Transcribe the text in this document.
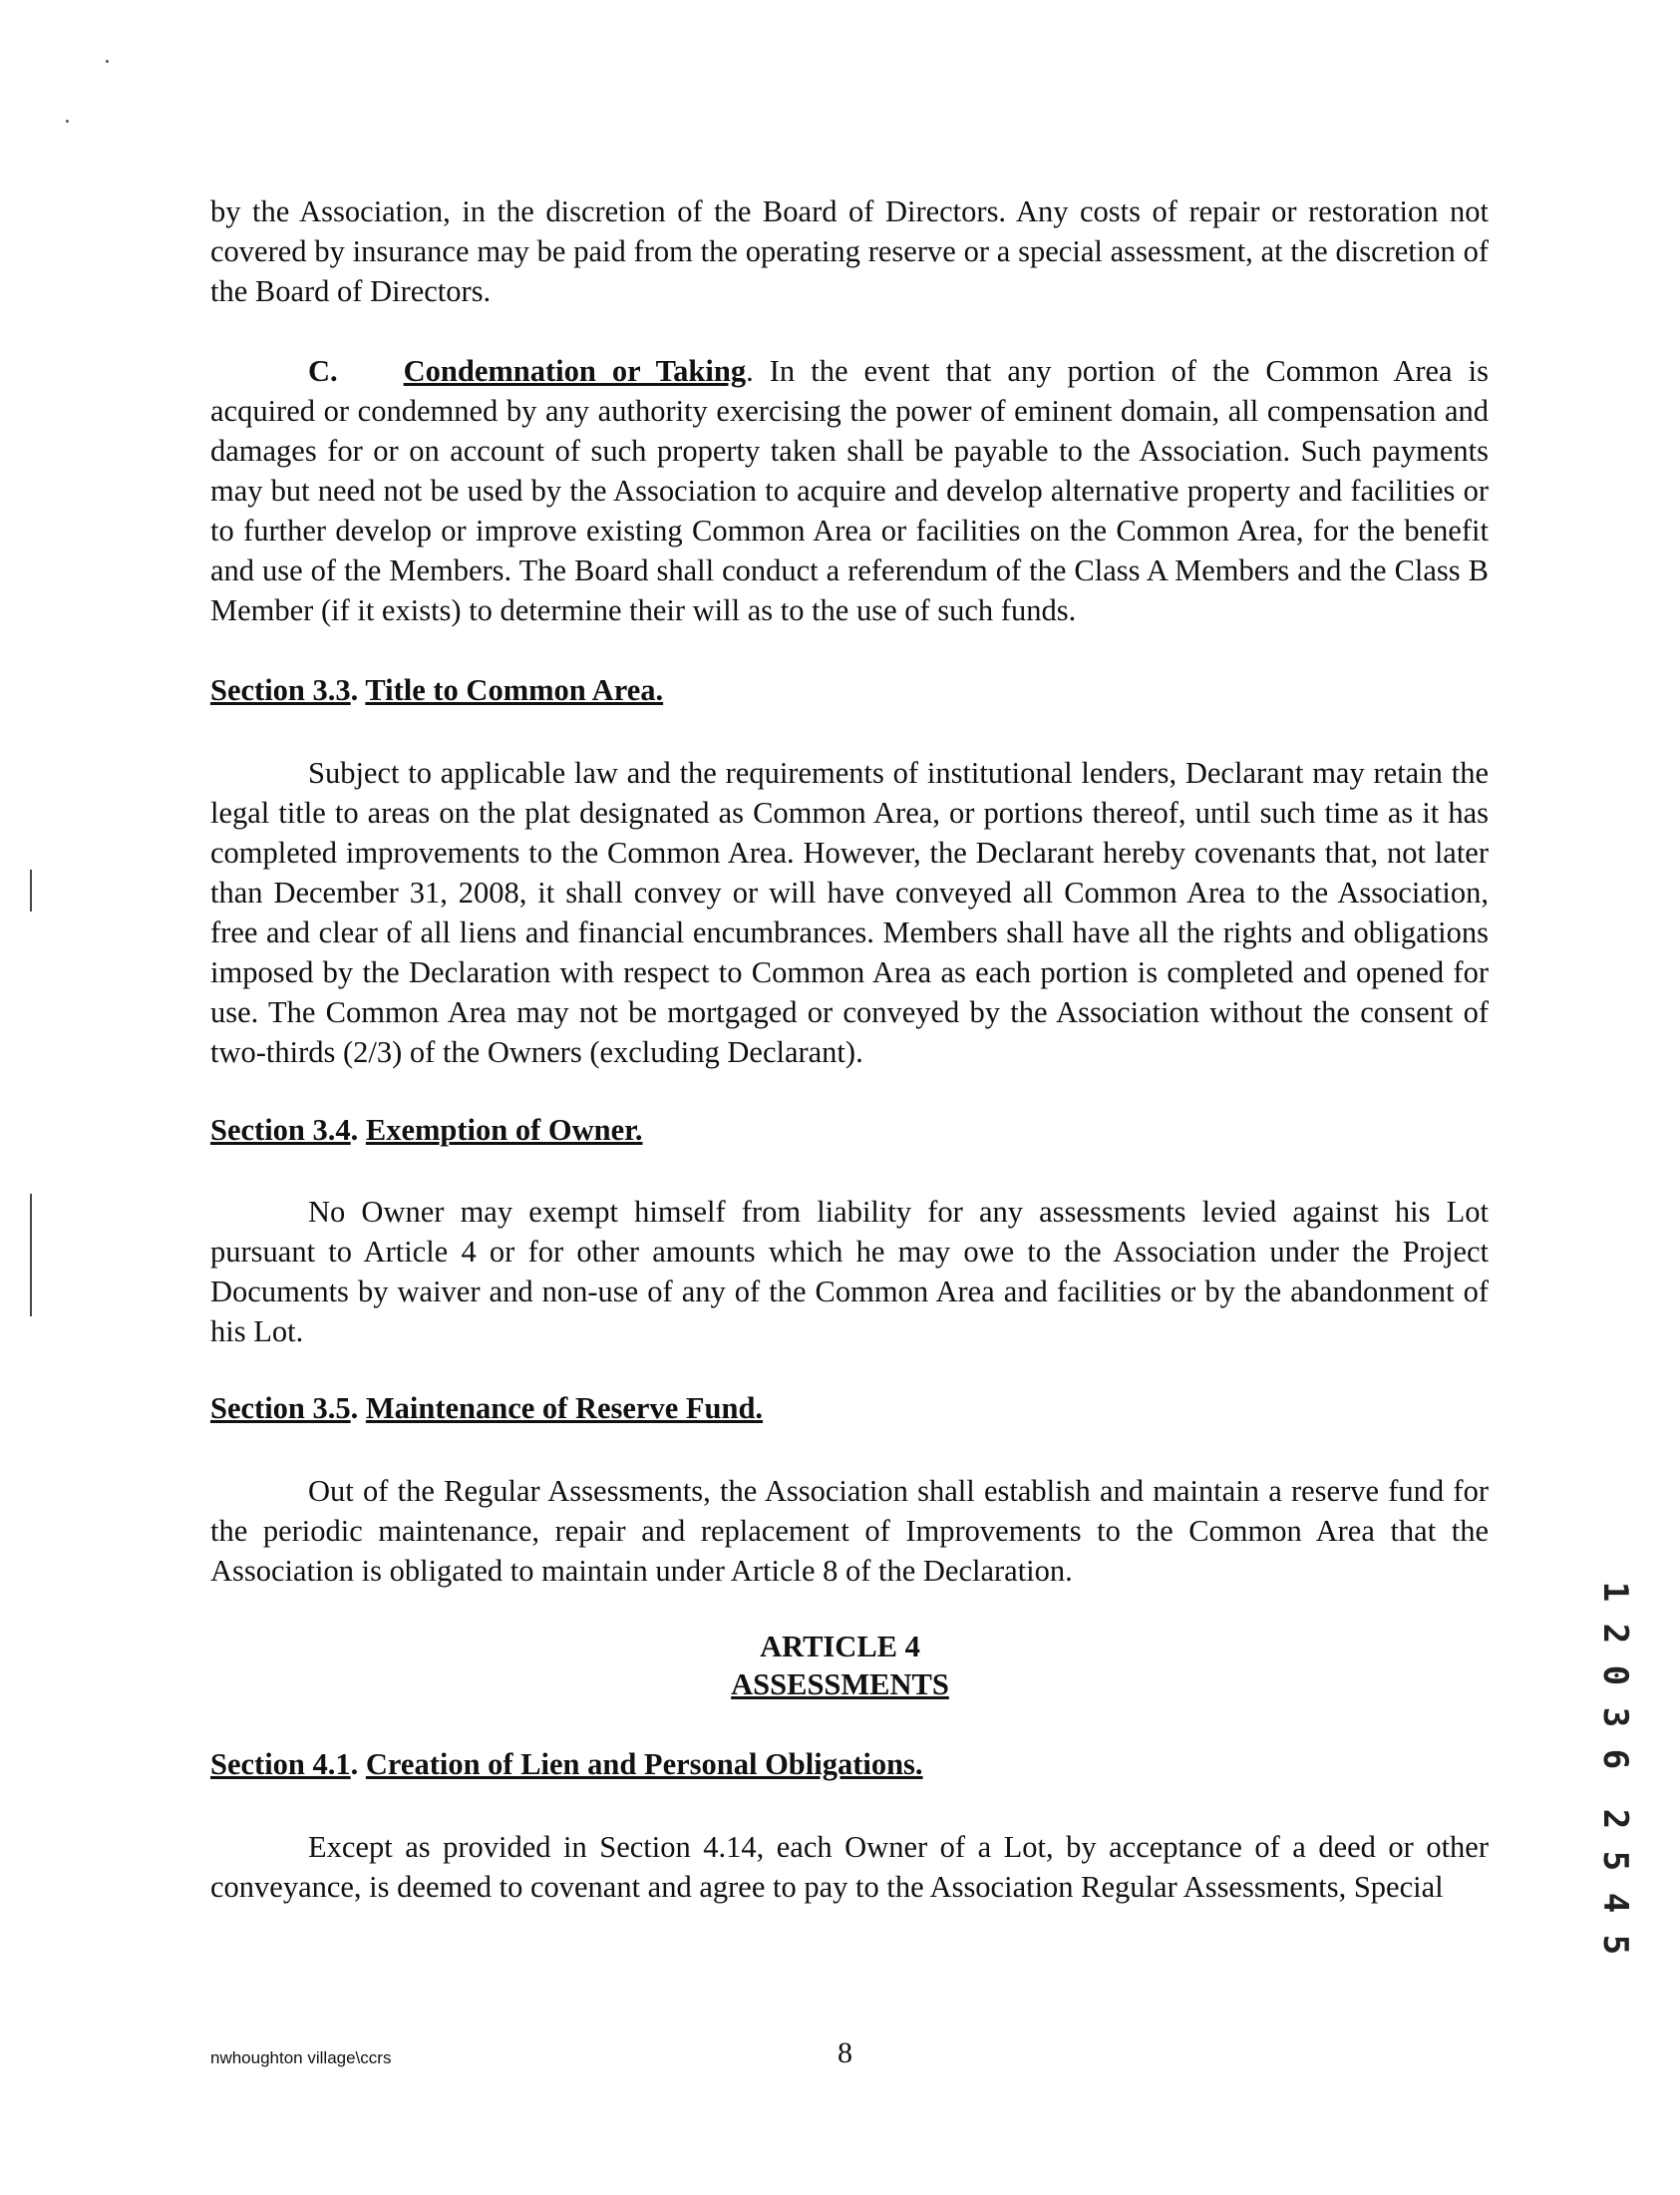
by the Association, in the discretion of the Board of Directors. Any costs of repair or restoration not covered by insurance may be paid from the operating reserve or a special assessment, at the discretion of the Board of Directors.

C. Condemnation or Taking. In the event that any portion of the Common Area is acquired or condemned by any authority exercising the power of eminent domain, all compensation and damages for or on account of such property taken shall be payable to the Association. Such payments may but need not be used by the Association to acquire and develop alternative property and facilities or to further develop or improve existing Common Area or facilities on the Common Area, for the benefit and use of the Members. The Board shall conduct a referendum of the Class A Members and the Class B Member (if it exists) to determine their will as to the use of such funds.

Section 3.3. Title to Common Area.

Subject to applicable law and the requirements of institutional lenders, Declarant may retain the legal title to areas on the plat designated as Common Area, or portions thereof, until such time as it has completed improvements to the Common Area. However, the Declarant hereby covenants that, not later than December 31, 2008, it shall convey or will have conveyed all Common Area to the Association, free and clear of all liens and financial encumbrances. Members shall have all the rights and obligations imposed by the Declaration with respect to Common Area as each portion is completed and opened for use. The Common Area may not be mortgaged or conveyed by the Association without the consent of two-thirds (2/3) of the Owners (excluding Declarant).

Section 3.4. Exemption of Owner.

No Owner may exempt himself from liability for any assessments levied against his Lot pursuant to Article 4 or for other amounts which he may owe to the Association under the Project Documents by waiver and non-use of any of the Common Area and facilities or by the abandonment of his Lot.

Section 3.5. Maintenance of Reserve Fund.

Out of the Regular Assessments, the Association shall establish and maintain a reserve fund for the periodic maintenance, repair and replacement of Improvements to the Common Area that the Association is obligated to maintain under Article 8 of the Declaration.

ARTICLE 4

ASSESSMENTS

Section 4.1. Creation of Lien and Personal Obligations.

Except as provided in Section 4.14, each Owner of a Lot, by acceptance of a deed or other conveyance, is deemed to covenant and agree to pay to the Association Regular Assessments, Special

nwhoughton village\ccrs	8
1
2
0
3
6
2
5
4
5
